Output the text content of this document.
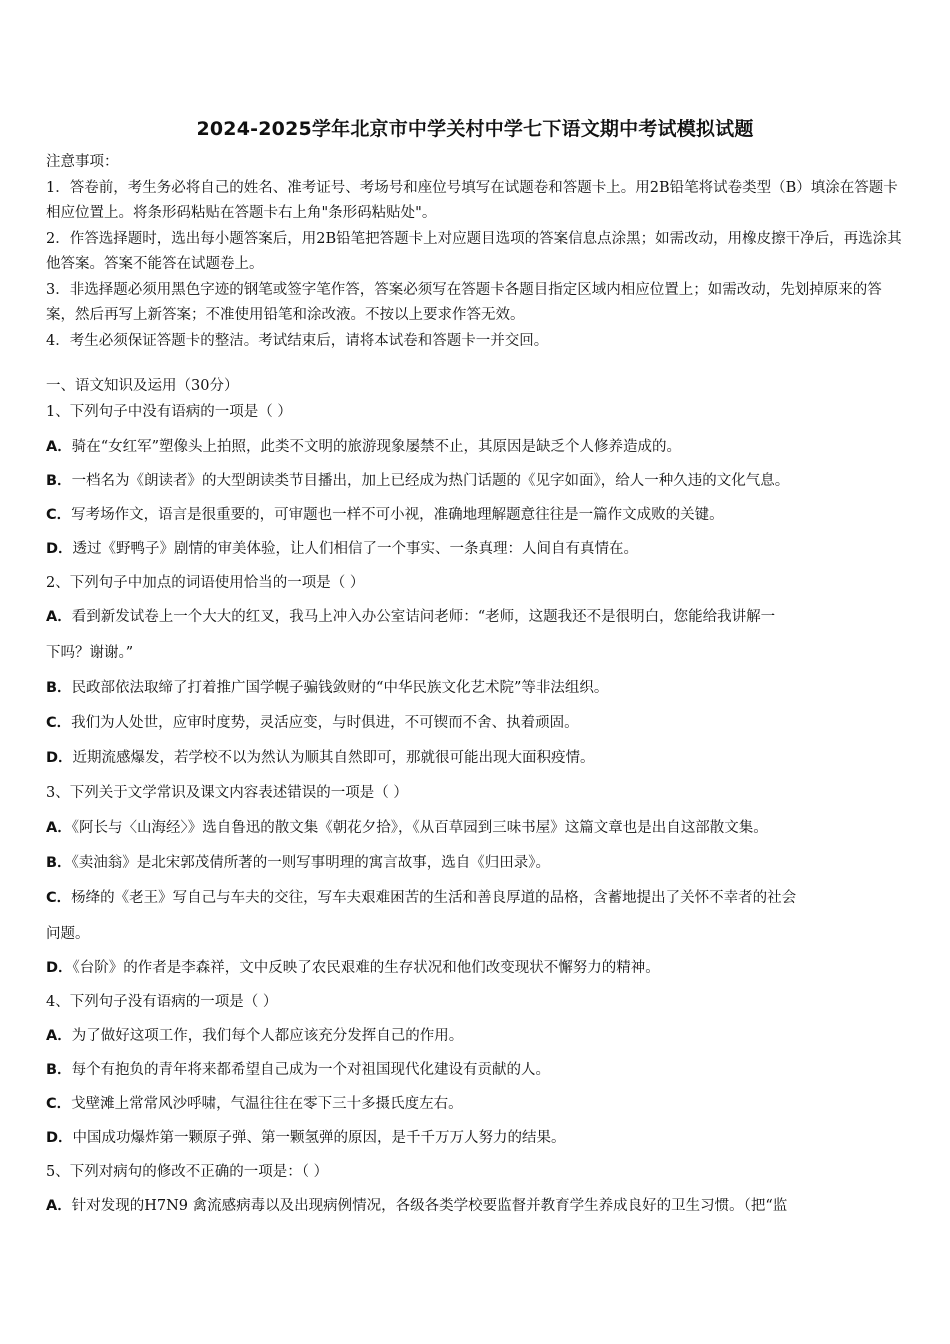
2024-2025学年北京市中学关村中学七下语文期中考试模拟试题

注意事项：

1．答卷前，考生务必将自己的姓名、准考证号、考场号和座位号填写在试题卷和答题卡上。用2B铅笔将试卷类型（B）填涂在答题卡相应位置上。将条形码粘贴在答题卡右上角"条形码粘贴处"。

2．作答选择题时，选出每小题答案后，用2B铅笔把答题卡上对应题目选项的答案信息点涂黑；如需改动，用橡皮擦干净后，再选涂其他答案。答案不能答在试题卷上。

3．非选择题必须用黑色字迹的钢笔或签字笔作答，答案必须写在答题卡各题目指定区域内相应位置上；如需改动，先划掉原来的答案，然后再写上新答案；不准使用铅笔和涂改液。不按以上要求作答无效。

4．考生必须保证答题卡的整洁。考试结束后，请将本试卷和答题卡一并交回。

一、语文知识及运用（30分）
1、下列句子中没有语病的一项是（ ）
A．骑在“女红军”塑像头上拍照，此类不文明的旅游现象屡禁不止，其原因是缺乏个人修养造成的。
B．一档名为《朗读者》的大型朗读类节目播出，加上已经成为热门话题的《见字如面》，给人一种久违的文化气息。
C．写考场作文，语言是很重要的，可审题也一样不可小视，准确地理解题意往往是一篇作文成败的关键。
D．透过《野鸭子》剧情的审美体验，让人们相信了一个事实、一条真理：人间自有真情在。
2、下列句子中加点的词语使用恰当的一项是（ ）
A．看到新发试卷上一个大大的红叉，我马上冲入办公室诘问老师：“老师，这题我还不是很明白，您能给我讲解一
下吗？谢谢。”
B．民政部依法取缔了打着推广国学幌子骗钱敛财的“中华民族文化艺术院”等非法组织。
C．我们为人处世，应审时度势，灵活应变，与时俱进，不可锲而不舍、执着顽固。
D．近期流感爆发，若学校不以为然认为顺其自然即可，那就很可能出现大面积疫情。
3、下列关于文学常识及课文内容表述错误的一项是（ ）
A．《阿长与〈山海经〉》选自鲁迅的散文集《朝花夕拾》，《从百草园到三味书屋》这篇文章也是出自这部散文集。
B．《卖油翁》是北宋郭茂倩所著的一则写事明理的寓言故事，选自《归田录》。
C．杨绛的《老王》写自己与车夫的交往，写车夫艰难困苦的生活和善良厚道的品格，含蓄地提出了关怀不幸者的社会
问题。
D．《台阶》的作者是李森祥，文中反映了农民艰难的生存状况和他们改变现状不懈努力的精神。
4、下列句子没有语病的一项是（ ）
A．为了做好这项工作，我们每个人都应该充分发挥自己的作用。
B．每个有抱负的青年将来都希望自己成为一个对祖国现代化建设有贡献的人。
C．戈壁滩上常常风沙呼啸，气温往往在零下三十多摄氏度左右。
D．中国成功爆炸第一颗原子弹、第一颗氢弹的原因，是千千万万人努力的结果。
5、下列对病句的修改不正确的一项是：（ ）
A．针对发现的H7N9 禽流感病毒以及出现病例情况，各级各类学校要监督并教育学生养成良好的卫生习惯。（把“监
